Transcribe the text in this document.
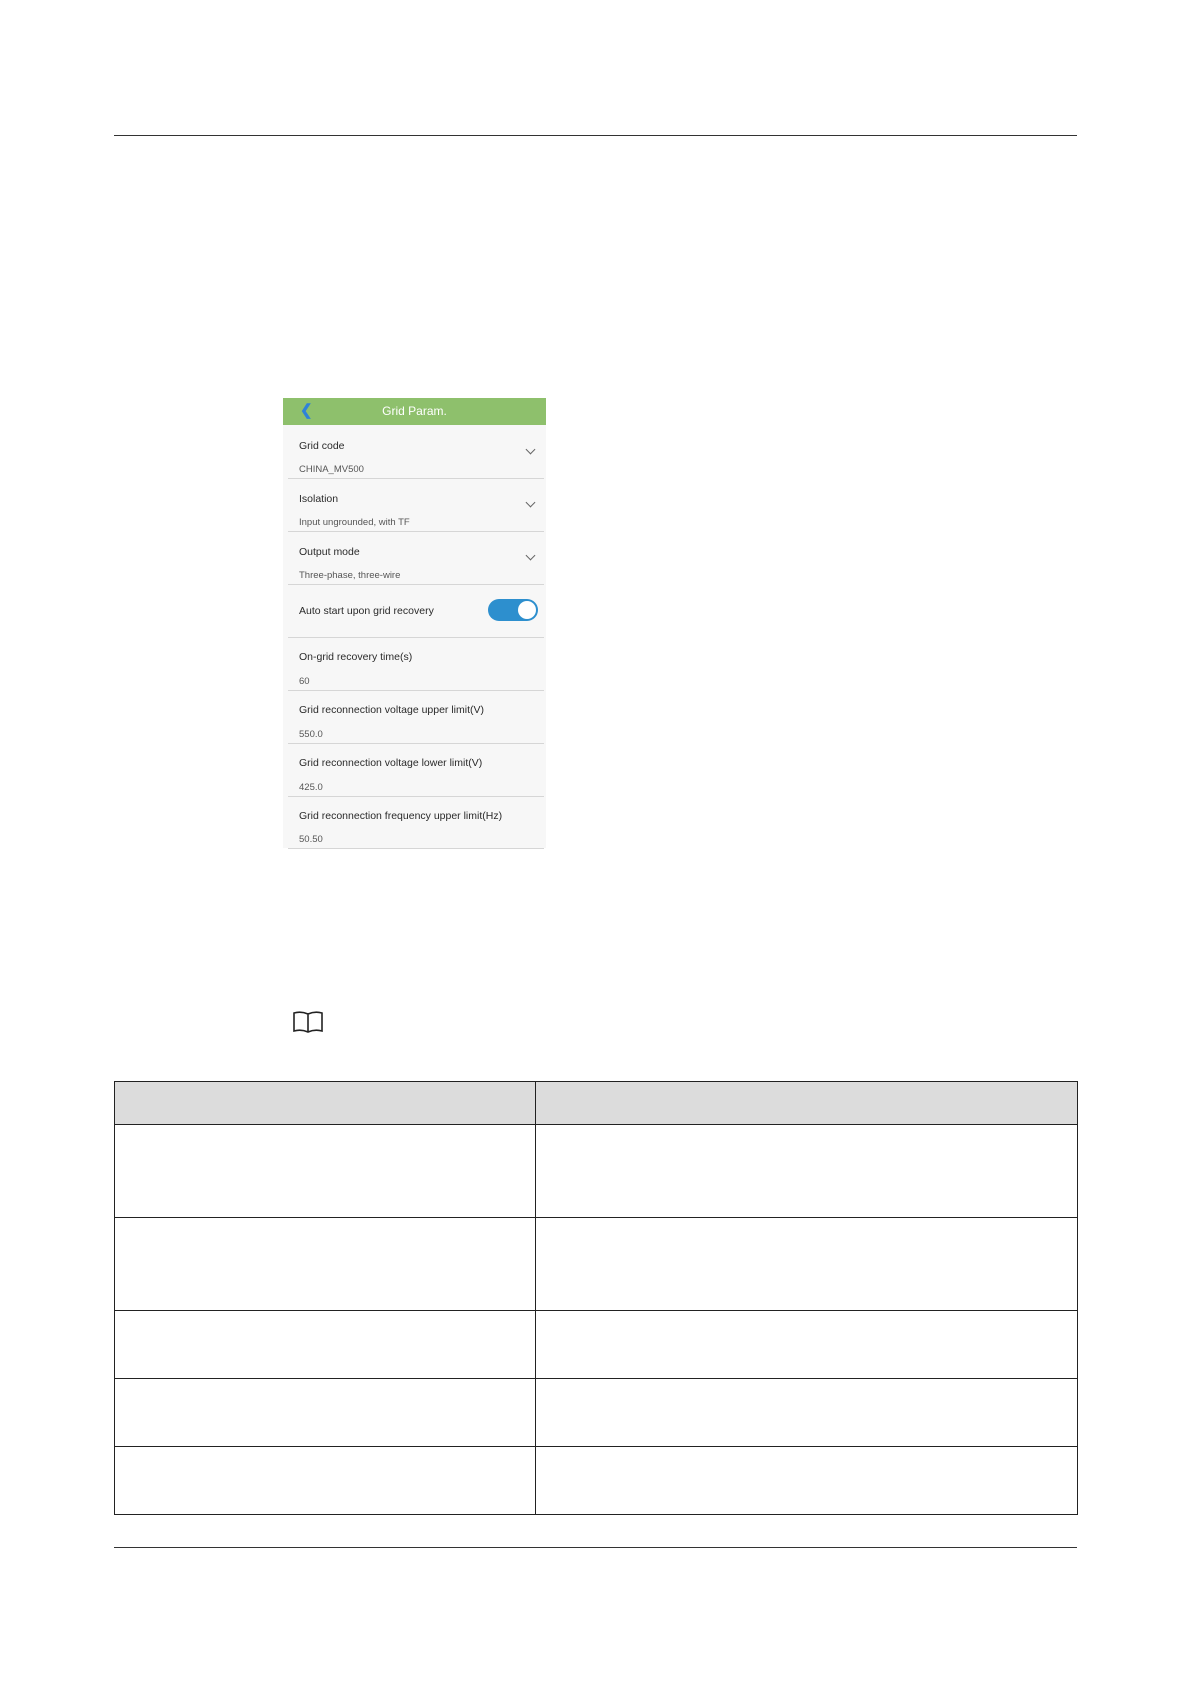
❮	Grid Param.
Grid code
CHINA_MV500
Isolation
Input ungrounded, with TF
Output mode
Three-phase, three-wire
Auto start upon grid recovery
On-grid recovery time(s)
60
Grid reconnection voltage upper limit(V)
550.0
Grid reconnection voltage lower limit(V)
425.0
Grid reconnection frequency upper limit(Hz)
50.50
